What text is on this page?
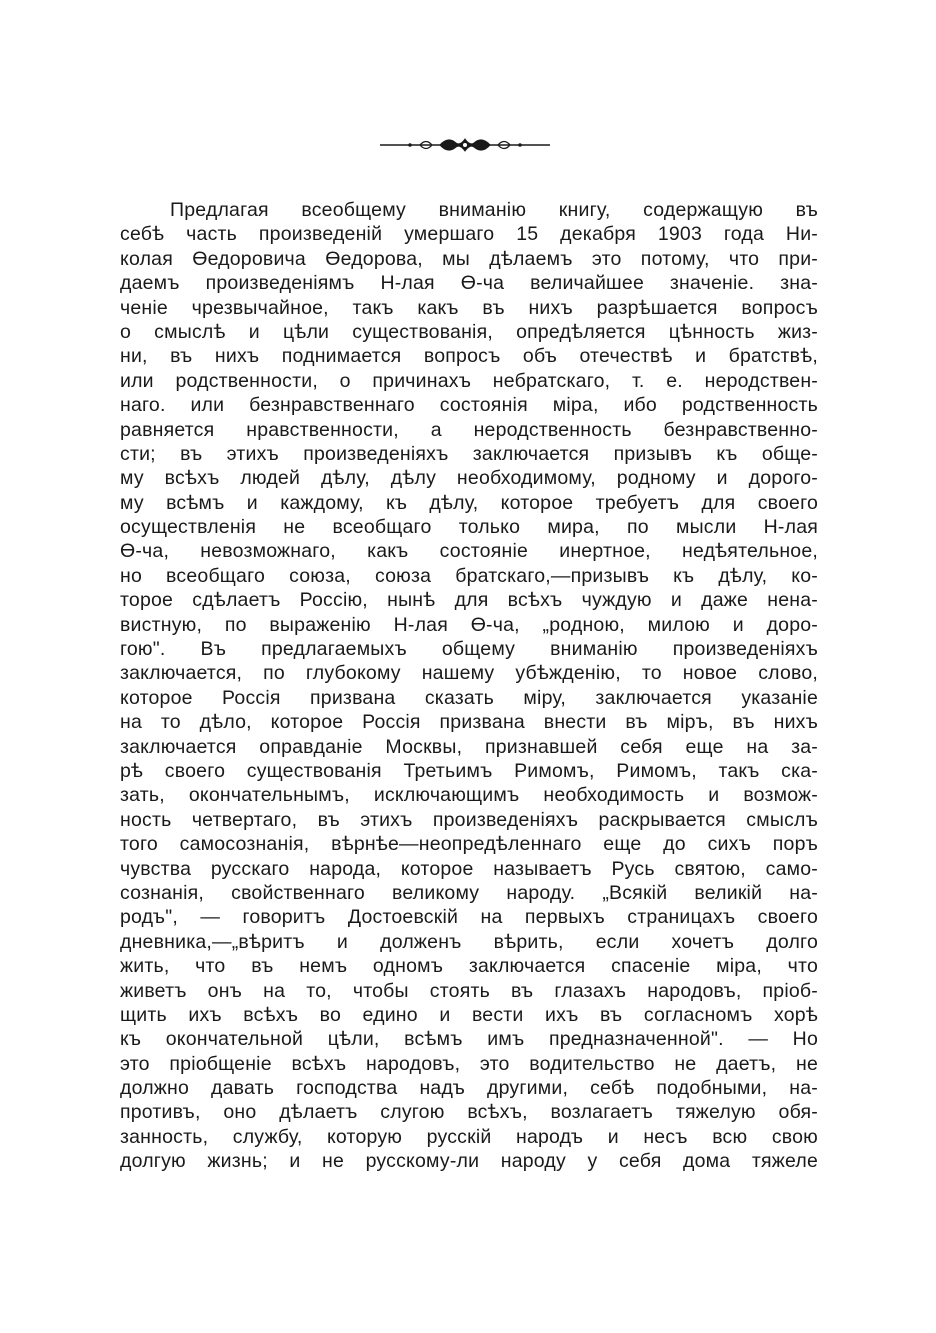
Предлагая всеобщему вниманію книгу, содержащую въ
себѣ часть произведеній умершаго 15 декабря 1903 года Ни-
колая Өедоровича Өедорова, мы дѣлаемъ это потому, что при-
даемъ произведеніямъ Н-лая Ө-ча величайшее значеніе. зна-
ченіе чрезвычайное, такъ какъ въ нихъ разрѣшается вопросъ
о смыслѣ и цѣли существованія, опредѣляется цѣнность жиз-
ни, въ нихъ поднимается вопросъ объ отечествѣ и братствѣ,
или родственности, о причинахъ небратскаго, т. е. неродствен-
наго. или безнравственнаго состоянія міра, ибо родственность
равняется нравственности, а неродственность безнравственно-
сти; въ этихъ произведеніяхъ заключается призывъ къ обще-
му всѣхъ людей дѣлу, дѣлу необходимому, родному и дорого-
му всѣмъ и каждому, къ дѣлу, которое требуетъ для своего
осуществленія не всеобщаго только мира, по мысли Н-лая
Ө-ча, невозможнаго, какъ состояніе инертное, недѣятельное,
но всеобщаго союза, союза братскаго,—призывъ къ дѣлу, ко-
торое сдѣлаетъ Россію, нынѣ для всѣхъ чуждую и даже нена-
вистную, по выраженію Н-лая Ө-ча, „родною, милою и доро-
гою". Въ предлагаемыхъ общему вниманію произведеніяхъ
заключается, по глубокому нашему убѣжденію, то новое слово,
которое Россія призвана сказать міру, заключается указаніе
на то дѣло, которое Россія призвана внести въ міръ, въ нихъ
заключается оправданіе Москвы, признавшей себя еще на за-
рѣ своего существованія Третьимъ Римомъ, Римомъ, такъ ска-
зать, окончательнымъ, исключающимъ необходимость и возмож-
ность четвертаго, въ этихъ произведеніяхъ раскрывается смыслъ
того самосознанія, вѣрнѣе—неопредѣленнаго еще до сихъ поръ
чувства русскаго народа, которое называетъ Русь святою, само-
сознанія, свойственнаго великому народу. „Всякій великій на-
родъ", — говоритъ Достоевскій на первыхъ страницахъ своего
дневника,—„вѣритъ и долженъ вѣрить, если хочетъ долго
жить, что въ немъ одномъ заключается спасеніе міра, что
живетъ онъ на то, чтобы стоять въ глазахъ народовъ, пріоб-
щить ихъ всѣхъ во едино и вести ихъ въ согласномъ хорѣ
къ окончательной цѣли, всѣмъ имъ предназначенной". — Но
это пріобщеніе всѣхъ народовъ, это водительство не даетъ, не
должно давать господства надъ другими, себѣ подобными, на-
противъ, оно дѣлаетъ слугою всѣхъ, возлагаетъ тяжелую обя-
занность, службу, которую русскій народъ и несъ всю свою
долгую жизнь; и не русскому-ли народу у себя дома тяжеле
